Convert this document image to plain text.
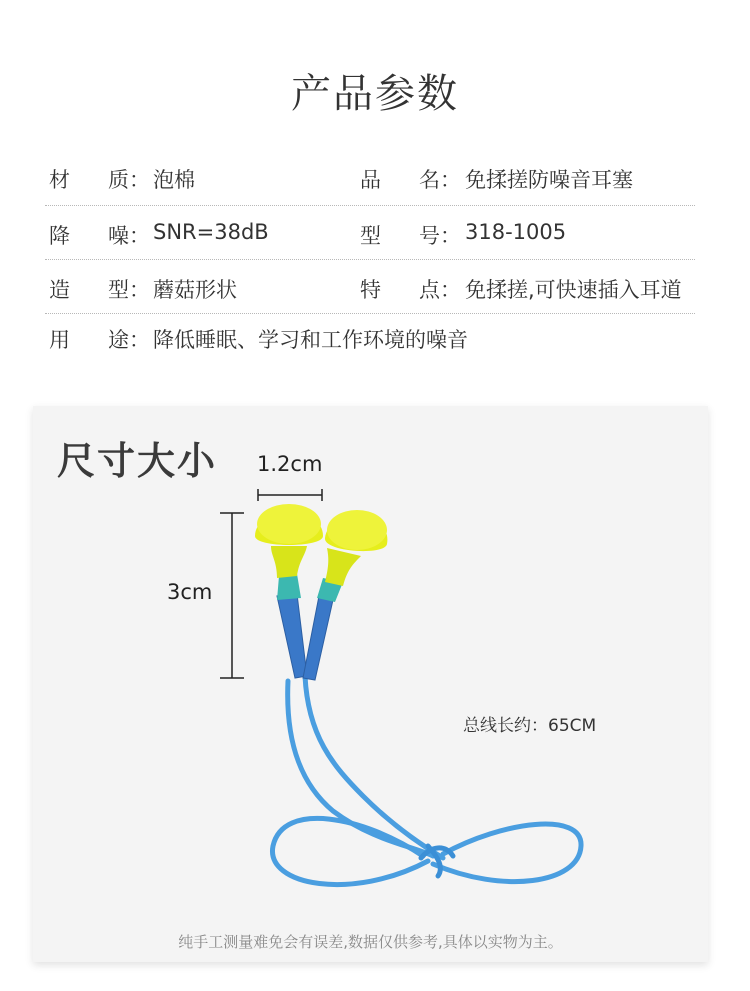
产品参数
材 质： 泡棉	品 名： 免揉搓防噪音耳塞
降 噪： SNR=38dB	型 号： 318-1005
造 型： 蘑菇形状	特 点： 免揉搓,可快速插入耳道
用 途： 降低睡眠、学习和工作环境的噪音
尺寸大小 1.2cm
3cm
总线长约：65CM
纯手工测量难免会有误差,数据仅供参考,具体以实物为主。
